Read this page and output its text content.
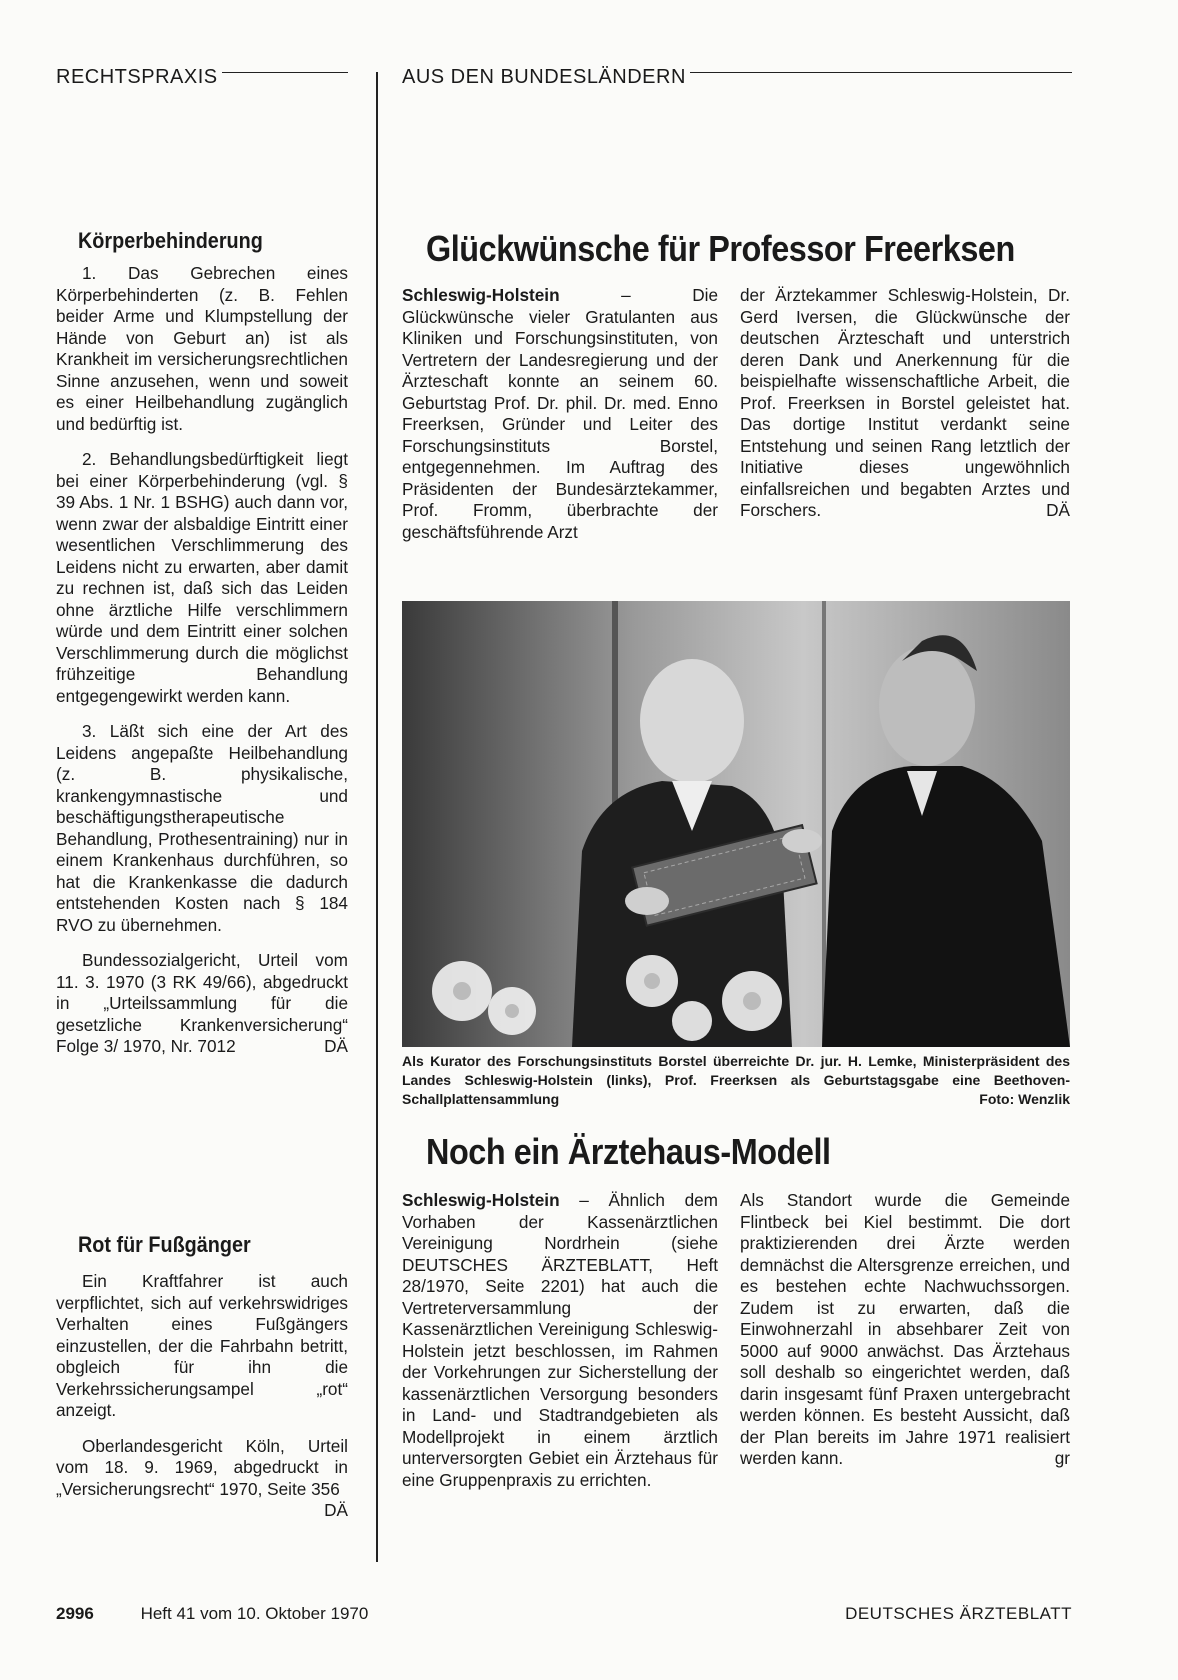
RECHTSPRAXIS	AUS DEN BUNDESLÄNDERN
Körperbehinderung

1. Das Gebrechen eines Körperbehinderten (z. B. Fehlen beider Arme und Klumpstellung der Hände von Geburt an) ist als Krankheit im versicherungsrechtlichen Sinne anzusehen, wenn und soweit es einer Heilbehandlung zugänglich und bedürftig ist.

2. Behandlungsbedürftigkeit liegt bei einer Körperbehinderung (vgl. § 39 Abs. 1 Nr. 1 BSHG) auch dann vor, wenn zwar der alsbaldige Eintritt einer wesentlichen Verschlimmerung des Leidens nicht zu erwarten, aber damit zu rechnen ist, daß sich das Leiden ohne ärztliche Hilfe verschlimmern würde und dem Eintritt einer solchen Verschlimmerung durch die möglichst frühzeitige Behandlung entgegengewirkt werden kann.

3. Läßt sich eine der Art des Leidens angepaßte Heilbehandlung (z. B. physikalische, krankengymnastische und beschäftigungstherapeutische Behandlung, Prothesentraining) nur in einem Krankenhaus durchführen, so hat die Krankenkasse die dadurch entstehenden Kosten nach § 184 RVO zu übernehmen.

Bundessozialgericht, Urteil vom 11. 3. 1970 (3 RK 49/66), abgedruckt in „Urteilssammlung für die gesetzliche Krankenversicherung“ Folge 3/ 1970, Nr. 7012	DÄ

Rot für Fußgänger

Ein Kraftfahrer ist auch verpflichtet, sich auf verkehrswidriges Verhalten eines Fußgängers einzustellen, der die Fahrbahn betritt, obgleich für ihn die Verkehrssicherungsampel „rot“ anzeigt.

Oberlandesgericht Köln, Urteil vom 18. 9. 1969, abgedruckt in „Versicherungsrecht“ 1970, Seite 356
DÄ

Glückwünsche für Professor Freerksen

Schleswig-Holstein	– Die Glückwünsche vieler Gratulanten aus Kliniken und Forschungsinstituten, von Vertretern der Landesregierung und der Ärzteschaft konnte an seinem 60. Geburtstag Prof. Dr. phil. Dr. med. Enno Freerksen, Gründer und Leiter des Forschungsinstituts Borstel, entgegennehmen. Im Auftrag des Präsidenten der Bundesärztekammer, Prof. Fromm, überbrachte der geschäftsführende Arzt

der Ärztekammer Schleswig-Holstein, Dr. Gerd Iversen, die Glückwünsche der deutschen Ärzteschaft und unterstrich deren Dank und Anerkennung für die beispielhafte wissenschaftliche Arbeit, die Prof. Freerksen in Borstel geleistet hat. Das dortige Institut verdankt seine Entstehung und seinen Rang letztlich der Initiative dieses ungewöhnlich einfallsreichen und begabten Arztes und Forschers.	DÄ

Als Kurator des Forschungsinstituts Borstel überreichte Dr. jur. H. Lemke, Ministerpräsident des Landes Schleswig-Holstein (links), Prof. Freerksen als Geburtstagsgabe eine Beethoven-Schallplattensammlung	Foto: Wenzlik
Noch ein Ärztehaus-Modell

Schleswig-Holstein – Ähnlich dem Vorhaben der Kassenärztlichen Vereinigung Nordrhein (siehe DEUTSCHES ÄRZTEBLATT, Heft 28/1970, Seite 2201) hat auch die Vertreterversammlung der Kassenärztlichen Vereinigung Schleswig-Holstein jetzt beschlossen, im Rahmen der Vorkehrungen zur Sicherstellung der kassenärztlichen Versorgung besonders in Land- und Stadtrandgebieten als Modellprojekt in einem ärztlich unterversorgten Gebiet ein Ärztehaus für eine Gruppenpraxis zu errichten.

Als Standort wurde die Gemeinde Flintbeck bei Kiel bestimmt. Die dort praktizierenden drei Ärzte werden demnächst die Altersgrenze erreichen, und es bestehen echte Nachwuchssorgen. Zudem ist zu erwarten, daß die Einwohnerzahl in absehbarer Zeit von 5000 auf 9000 anwächst. Das Ärztehaus soll deshalb so eingerichtet werden, daß darin insgesamt fünf Praxen untergebracht werden können. Es besteht Aussicht, daß der Plan bereits im Jahre 1971 realisiert werden kann.	gr

2996	Heft 41 vom 10. Oktober 1970	DEUTSCHES ÄRZTEBLATT
